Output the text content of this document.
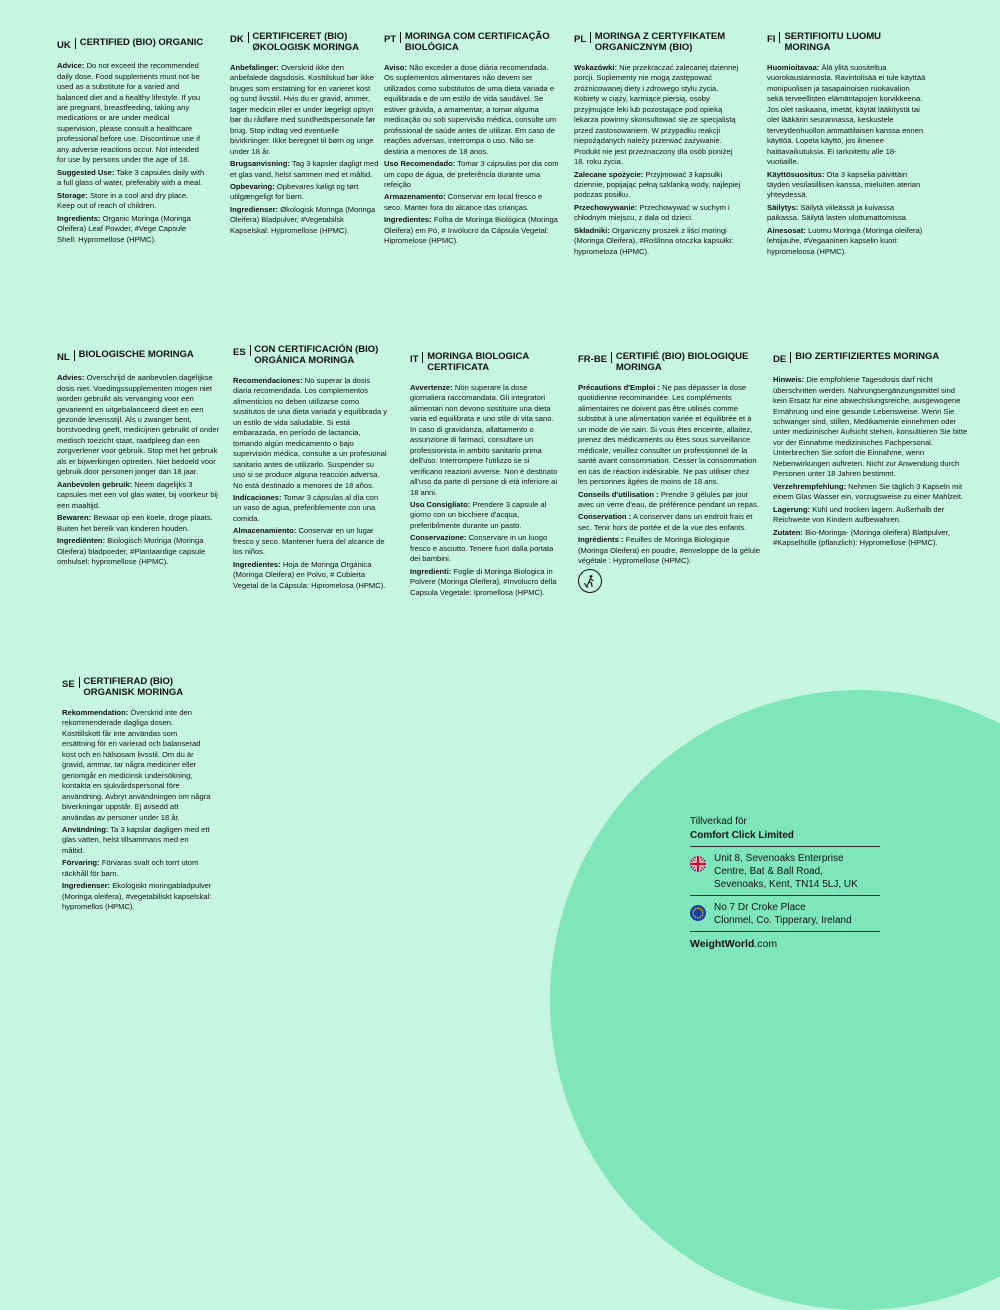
UK CERTIFIED (BIO) ORGANIC
Advice: Do not exceed the recommended daily dose. Food supplements must not be used as a substitute for a varied and balanced diet and a healthy lifestyle. If you are pregnant, breastfeeding, taking any medications or are under medical supervision, please consult a healthcare professional before use. Discontinue use if any adverse reactions occur. Not intended for use by persons under the age of 18.
Suggested Use: Take 3 capsules daily with a full glass of water, preferably with a meal.
Storage: Store in a cool and dry place. Keep out of reach of children.
Ingredients: Organic Moringa (Moringa Oleifera) Leaf Powder, #Vege Capsule Shell: Hypromellose (HPMC).
DK CERTIFICERET (BIO) ØKOLOGISK MORINGA
Anbefalinger: Overskrid ikke den anbefalede dagsdosis. Kosttilskud bør ikke bruges som erstatning for en varieret kost og sund livsstil. Hvis du er gravid, ammer, tager medicin eller er under lægeligt opsyn bør du rådføre med sundhedspersonale før brug. Stop indtag ved eventuelle bivirkninger. Ikke beregnet til børn og unge under 18 år.
Brugsanvisning: Tag 3 kapsler dagligt med et glas vand, helst sammen med et måltid.
Opbevaring: Opbevares køligt og tørt utilgængeligt for børn.
Ingredienser: Økologisk Moringa (Moringa Oleifera) Bladpulver, #Vegetabilsk Kapselskal: Hypromellose (HPMC).
PT MORINGA COM CERTIFICAÇÃO BIOLÓGICA
Aviso: Não exceder a dose diária recomendada. Os suplementos alimentares não devem ser utilizados como substitutos de uma dieta variada e equilibrada e de um estilo de vida saudável. Se estiver grávida, a amamentar, a tomar alguma medicação ou sob supervisão médica, consulte um profissional de saúde antes de utilizar. Em caso de reações adversas, interrompa o uso. Não se destina a menores de 18 anos.
Uso Recomendado: Tomar 3 cápsulas por dia com um copo de água, de preferência durante uma refeição
Armazenamento: Conservar em local fresco e seco. Manter fora do alcance das crianças.
Ingredientes: Folha de Moringa Biológica (Moringa Oleifera) em Pó, # Invólucro da Cápsula Vegetal: Hipromelose (HPMC).
PL MORINGA Z CERTYFIKATEM ORGANICZNYM (BIO)
Wskazówki: Nie przekraczać zalecanej dziennej porcji. Suplementy nie mogą zastępować zróżnicowanej diety i zdrowego stylu życia. Kobiety w ciąży, karmiące piersią, osoby przyjmujące leki lub pozostające pod opieką lekarza powinny skonsultować się ze specjalistą przed zastosowaniem. W przypadku reakcji niepożądanych należy przerwać zażywanie. Produkt nie jest przeznaczony dla osób poniżej 18. roku życia.
Zalecane spożycie: Przyjmować 3 kapsułki dziennie, popijając pełną szklanką wody, najlepiej podczas posiłku.
Przechowywanie: Przechowywać w suchym i chłodnym miejscu, z dala od dzieci.
Składniki: Organiczny proszek z liści moringi (Moringa Oleifera), #Roślinna otoczka kapsułki: hypromeloza (HPMC).
FI SERTIFIOITU LUOMU MORINGA
Huomioitavaa: Älä ylitä suositeltua vuorokausiannosta. Ravintolisää ei tule käyttää monipuolisen ja tasapainoisen ruokavalion sekä terveellisten elämäntapojen korvikkeena. Jos olet raskaana, imetät, käytät lääkitystä tai olet lääkärin seurannassa, keskustele terveydenhuollon ammattilaisen kanssa ennen käyttöä. Lopeta käyttö, jos ilmenee haittavaikutuksia. Ei tarkoitettu alle 18-vuotiaille.
Käyttösuositus: Ota 3 kapselia päivittäin täyden vesilasillisen kanssa, mieluiten aterian yhteydessä.
Säilytys: Säilytä viileässä ja kuivassa paikassa. Säilytä lasten ulottumattomissa.
Ainesosat: Luomu Moringa (Moringa oleifera) lehtijauhe, #Vegaaninen kapselin kuori: hypromeloosa (HPMC).
NL BIOLOGISCHE MORINGA
Advies: Overschrijd de aanbevolen dagelijkse dosis niet. Voedingssupplementen mogen niet worden gebruikt als vervanging voor een gevarieerd en uitgebalanceerd dieet en een gezonde levensstijl. Als u zwanger bent, borstvoeding geeft, medicijnen gebruikt of onder medisch toezicht staat, raadpleeg dan een zorgverlener voor gebruik. Stop met het gebruik als er bijwerkingen optreden. Niet bedoeld voor gebruik door personen jonger dan 18 jaar.
Aanbevolen gebruik: Neem dagelijks 3 capsules met een vol glas water, bij voorkeur bij een maaltijd.
Bewaren: Bewaar op een koele, droge plaats. Buiten het bereik van kinderen houden.
Ingrediënten: Biologisch Moringa (Moringa Oleifera) bladpoeder, #Plantaardige capsule omhulsel: hypromellose (HPMC).
ES CON CERTIFICACIÓN (BIO) ORGÁNICA MORINGA
Recomendaciones: No superar la dosis diaria recomendada. Los complementos alimenticios no deben utilizarse como sustitutos de una dieta variada y equilibrada y un estilo de vida saludable. Si está embarazada, en período de lactancia, tomando algún medicamento o bajo supervisión médica, consulte a un profesional sanitario antes de utilizarlo. Suspender su uso si se produce alguna reacción adversa. No está destinado a menores de 18 años.
Indicaciones: Tomar 3 cápsulas al día con un vaso de agua, preferiblemente con una comida.
Almacenamiento: Conservar en un lugar fresco y seco. Mantener fuera del alcance de los niños.
Ingredientes: Hoja de Moringa Orgánica (Moringa Oleifera) en Polvo, # Cubierta Vegetal de la Cápsula: Hipromelosa (HPMC).
IT MORINGA BIOLOGICA CERTIFICATA
Avvertenze: Non superare la dose giornaliera raccomandata. Gli integratori alimentari non devono sostituire una dieta varia ed equilibrata e uno stile di vita sano. In caso di gravidanza, allattamento o assunzione di farmaci, consultare un professionista in ambito sanitario prima dell'uso. Interrompere l'utilizzo se si verificano reazioni avverse. Non è destinato all'uso da parte di persone di età inferiore ai 18 anni.
Uso Consigliato: Prendere 3 capsule al giorno con un bicchiere d'acqua, preferibilmente durante un pasto.
Conservazione: Conservare in un luogo fresco e asciutto. Tenere fuori dalla portata dei bambini.
Ingredienti: Foglie di Moringa Biologica in Polvere (Moringa Oleifera), #Involucro della Capsula Vegetale: Ipromellosa (HPMC).
FR-BE CERTIFIÉ (BIO) BIOLOGIQUE MORINGA
Précautions d'Emploi : Ne pas dépasser la dose quotidienne recommandée. Les compléments alimentaires ne doivent pas être utilisés comme substitut à une alimentation variée et équilibrée et à un mode de vie sain. Si vous êtes enceinte, allaitez, prenez des médicaments ou êtes sous surveillance médicale, veuillez consulter un professionnel de la santé avant consommation. Cesser la consommation en cas de réaction indésirable. Ne pas utiliser chez les personnes âgées de moins de 18 ans.
Conseils d'utilisation : Prendre 3 gélules par jour avec un verre d'eau, de préférence pendant un repas.
Conservation : A conserver dans un endroit frais et sec. Tenir hors de portée et de la vue des enfants.
Ingrédients : Feuilles de Moringa Biologique (Moringa Oleifera) en poudre, #enveloppe de la gélule végétale : Hypromellose (HPMC).
DE BIO ZERTIFIZIERTES MORINGA
Hinweis: Die empfohlene Tagesdosis darf nicht überschritten werden. Nahrungsergänzungsmittel sind kein Ersatz für eine abwechslungsreiche, ausgewogene Ernährung und eine gesunde Lebensweise. Wenn Sie schwanger sind, stillen, Medikamente einnehmen oder unter medizinischer Aufsicht stehen, konsultieren Sie bitte vor der Einnahme medizinisches Fachpersonal. Unterbrechen Sie sofort die Einnahme, wenn Nebenwirkungen auftreten. Nicht zur Anwendung durch Personen unter 18 Jahren bestimmt.
Verzehrempfehlung: Nehmen Sie täglich 3 Kapseln mit einem Glas Wasser ein, vorzugsweise zu einer Mahlzeit.
Lagerung: Kühl und trocken lagern. Außerhalb der Reichweite von Kindern aufbewahren.
Zutaten: Bio-Moringa- (Moringa oleifera) Blattpulver, #Kapselhülle (pflanzlich): Hypromellose (HPMC).
SE CERTIFIERAD (BIO) ORGANISK MORINGA
Rekommendation: Överskrid inte den rekommenderade dagliga dosen. Kosttillskott får inte användas som ersättning för en varierad och balanserad kost och en hälsosam livsstil. Om du är gravid, ammar, tar några mediciner eller genomgår en medicinsk undersökning, kontakta en sjukvårdspersonal före användning. Avbryt användningen om några biverkningar uppstår. Ej avsedd att användas av personer under 18 år.
Användning: Ta 3 kapslar dagligen med ett glas vatten, helst tillsammans med en måltid.
Förvaring: Förvaras svalt och torrt utom räckhåll för barn.
Ingredienser: Ekologiskt moringabladpulver (Moringa oleifera), #vegetabiliskt kapselskal: hypromellos (HPMC).
Tillverkad för
Comfort Click Limited
Unit 8, Sevenoaks Enterprise
Centre, Bat & Ball Road,
Sevenoaks, Kent, TN14 5LJ, UK
No 7 Dr Croke Place
Clonmel, Co. Tipperary, Ireland
WeightWorld.com
